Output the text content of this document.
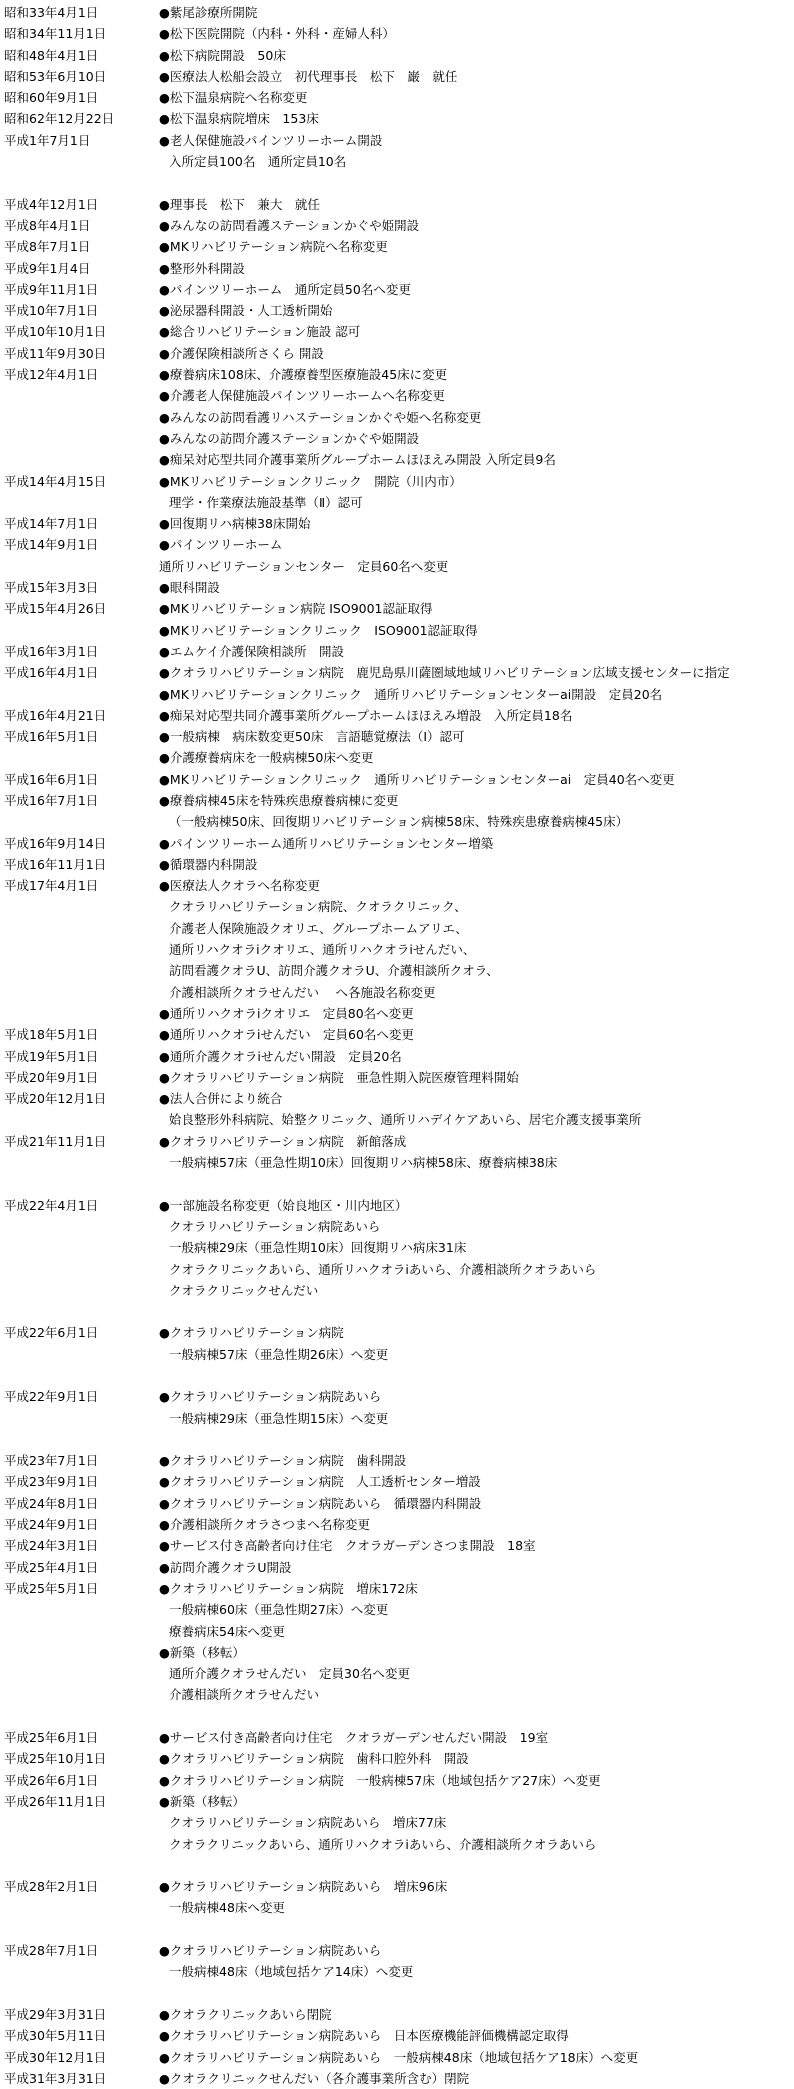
昭和33年4月1日	●紫尾診療所開院
昭和34年11月1日	●松下医院開院（内科・外科・産婦人科）
昭和48年4月1日	●松下病院開設　50床
昭和53年6月10日	●医療法人松船会設立　初代理事長　松下　巌　就任
昭和60年9月1日	●松下温泉病院へ名称変更
昭和62年12月22日	●松下温泉病院増床　153床
平成1年7月1日	●老人保健施設パインツリーホーム開設
入所定員100名　通所定員10名
平成4年12月1日	●理事長　松下　兼大　就任
平成8年4月1日	●みんなの訪問看護ステーションかぐや姫開設
平成8年7月1日	●MKリハビリテーション病院へ名称変更
平成9年1月4日	●整形外科開設
平成9年11月1日	●パインツリーホーム　通所定員50名へ変更
平成10年7月1日	●泌尿器科開設・人工透析開始
平成10年10月1日	●総合リハビリテーション施設 認可
平成11年9月30日	●介護保険相談所さくら 開設
平成12年4月1日	●療養病床108床、介護療養型医療施設45床に変更
●介護老人保健施設パインツリーホームへ名称変更
●みんなの訪問看護リハステーションかぐや姫へ名称変更
●みんなの訪問介護ステーションかぐや姫開設
●痴呆対応型共同介護事業所グループホームほほえみ開設 入所定員9名
平成14年4月15日	●MKリハビリテーションクリニック　開院（川内市）
理学・作業療法施設基準（Ⅱ）認可
平成14年7月1日	●回復期リハ病棟38床開始
平成14年9月1日	●パインツリーホーム
通所リハビリテーションセンター　定員60名へ変更
平成15年3月3日	●眼科開設
平成15年4月26日	●MKリハビリテーション病院 ISO9001認証取得
●MKリハビリテーションクリニック　ISO9001認証取得
平成16年3月1日	●エムケイ介護保険相談所　開設
平成16年4月1日	●クオラリハビリテーション病院　鹿児島県川薩圏域地域リハビリテーション広域支援センターに指定
●MKリハビリテーションクリニック　通所リハビリテーションセンターai開設　定員20名
平成16年4月21日	●痴呆対応型共同介護事業所グループホームほほえみ増設　入所定員18名
平成16年5月1日	●一般病棟　病床数変更50床　言語聴覚療法（Ⅰ）認可
●介護療養病床を一般病棟50床へ変更
平成16年6月1日	●MKリハビリテーションクリニック　通所リハビリテーションセンターai　定員40名へ変更
平成16年7月1日	●療養病棟45床を特殊疾患療養病棟に変更
（一般病棟50床、回復期リハビリテーション病棟58床、特殊疾患療養病棟45床）
平成16年9月14日	●パインツリーホーム通所リハビリテーションセンター増築
平成16年11月1日	●循環器内科開設
平成17年4月1日	●医療法人クオラへ名称変更
クオラリハビリテーション病院、クオラクリニック、
介護老人保険施設クオリエ、グループホームアリエ、
通所リハクオラiクオリエ、通所リハクオラiせんだい、
訪問看護クオラU、訪問介護クオラU、介護相談所クオラ、
介護相談所クオラせんだい　 へ各施設名称変更
●通所リハクオラiクオリエ　定員80名へ変更
平成18年5月1日	●通所リハクオラiせんだい　定員60名へ変更
平成19年5月1日	●通所介護クオラiせんだい開設　定員20名
平成20年9月1日	●クオラリハビリテーション病院　亜急性期入院医療管理料開始
平成20年12月1日	●法人合併により統合
姶良整形外科病院、姶整クリニック、通所リハデイケアあいら、居宅介護支援事業所
平成21年11月1日	●クオラリハビリテーション病院　新館落成
一般病棟57床（亜急性期10床）回復期リハ病棟58床、療養病棟38床
平成22年4月1日	●一部施設名称変更（姶良地区・川内地区）
クオラリハビリテーション病院あいら
一般病棟29床（亜急性期10床）回復期リハ病床31床
クオラクリニックあいら、通所リハクオラiあいら、介護相談所クオラあいら
クオラクリニックせんだい
平成22年6月1日	●クオラリハビリテーション病院
一般病棟57床（亜急性期26床）へ変更
平成22年9月1日	●クオラリハビリテーション病院あいら
一般病棟29床（亜急性期15床）へ変更
平成23年7月1日	●クオラリハビリテーション病院　歯科開設
平成23年9月1日	●クオラリハビリテーション病院　人工透析センター増設
平成24年8月1日	●クオラリハビリテーション病院あいら　循環器内科開設
平成24年9月1日	●介護相談所クオラさつまへ名称変更
平成24年3月1日	●サービス付き高齢者向け住宅　クオラガーデンさつま開設　18室
平成25年4月1日	●訪問介護クオラU開設
平成25年5月1日	●クオラリハビリテーション病院　増床172床
一般病棟60床（亜急性期27床）へ変更
療養病床54床へ変更
●新築（移転）
通所介護クオラせんだい　定員30名へ変更
介護相談所クオラせんだい
平成25年6月1日	●サービス付き高齢者向け住宅　クオラガーデンせんだい開設　19室
平成25年10月1日	●クオラリハビリテーション病院　歯科口腔外科　開設
平成26年6月1日	●クオラリハビリテーション病院　一般病棟57床（地域包括ケア27床）へ変更
平成26年11月1日	●新築（移転）
クオラリハビリテーション病院あいら　増床77床
クオラクリニックあいら、通所リハクオラiあいら、介護相談所クオラあいら
平成28年2月1日	●クオラリハビリテーション病院あいら　増床96床
一般病棟48床へ変更
平成28年7月1日	●クオラリハビリテーション病院あいら
一般病棟48床（地域包括ケア14床）へ変更
平成29年3月31日	●クオラクリニックあいら閉院
平成30年5月11日	●クオラリハビリテーション病院あいら　日本医療機能評価機構認定取得
平成30年12月1日	●クオラリハビリテーション病院あいら　一般病棟48床（地域包括ケア18床）へ変更
平成31年3月31日	●クオラクリニックせんだい（各介護事業所含む）閉院
